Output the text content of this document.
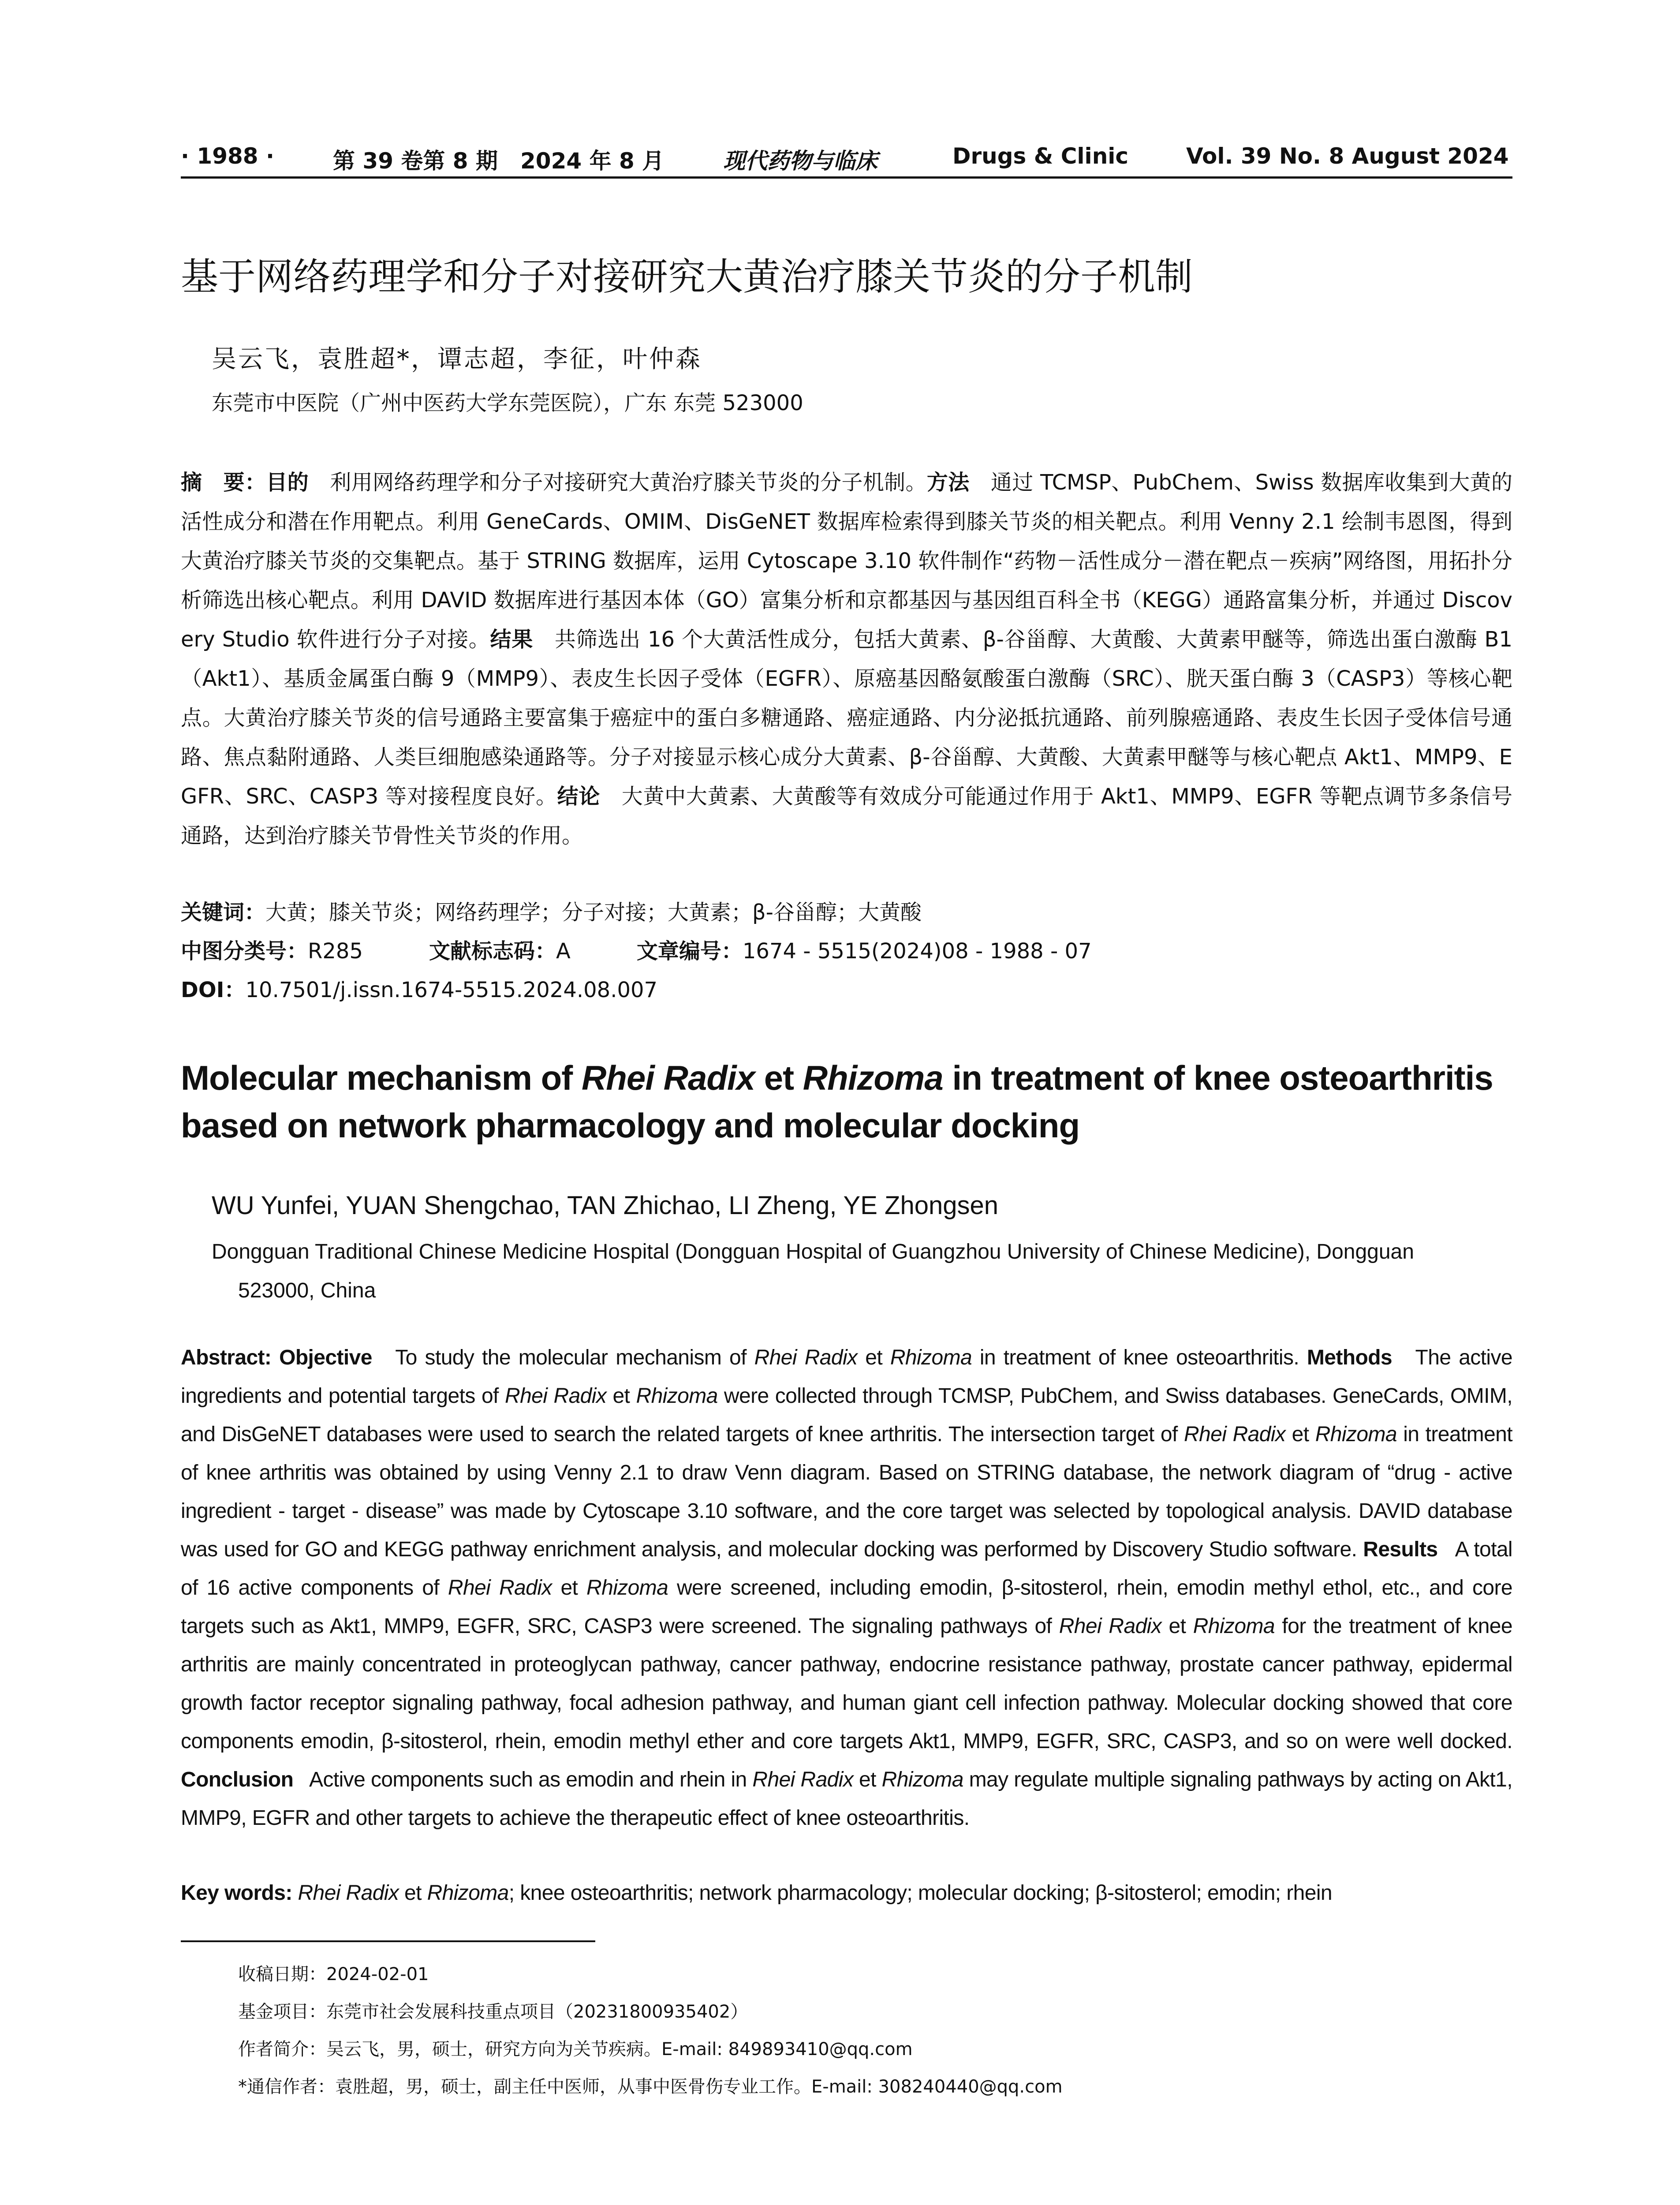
· 1988 ·	第 39 卷第 8 期 2024 年 8 月	现代药物与临床	Drugs & Clinic	Vol. 39 No. 8 August 2024
基于网络药理学和分子对接研究大黄治疗膝关节炎的分子机制
吴云飞，袁胜超*，谭志超，李征，叶仲森
东莞市中医院（广州中医药大学东莞医院），广东 东莞 523000
摘　要：目的　利用网络药理学和分子对接研究大黄治疗膝关节炎的分子机制。方法　通过 TCMSP、PubChem、Swiss 数据库收集到大黄的活性成分和潜在作用靶点。利用 GeneCards、OMIM、DisGeNET 数据库检索得到膝关节炎的相关靶点。利用 Venny 2.1 绘制韦恩图，得到大黄治疗膝关节炎的交集靶点。基于 STRING 数据库，运用 Cytoscape 3.10 软件制作“药物－活性成分－潜在靶点－疾病”网络图，用拓扑分析筛选出核心靶点。利用 DAVID 数据库进行基因本体（GO）富集分析和京都基因与基因组百科全书（KEGG）通路富集分析，并通过 Discovery Studio 软件进行分子对接。结果　共筛选出 16 个大黄活性成分，包括大黄素、β-谷甾醇、大黄酸、大黄素甲醚等，筛选出蛋白激酶 B1（Akt1）、基质金属蛋白酶 9（MMP9）、表皮生长因子受体（EGFR）、原癌基因酪氨酸蛋白激酶（SRC）、胱天蛋白酶 3（CASP3）等核心靶点。大黄治疗膝关节炎的信号通路主要富集于癌症中的蛋白多糖通路、癌症通路、内分泌抵抗通路、前列腺癌通路、表皮生长因子受体信号通路、焦点黏附通路、人类巨细胞感染通路等。分子对接显示核心成分大黄素、β-谷甾醇、大黄酸、大黄素甲醚等与核心靶点 Akt1、MMP9、EGFR、SRC、CASP3 等对接程度良好。结论　大黄中大黄素、大黄酸等有效成分可能通过作用于 Akt1、MMP9、EGFR 等靶点调节多条信号通路，达到治疗膝关节骨性关节炎的作用。
关键词：大黄；膝关节炎；网络药理学；分子对接；大黄素；β-谷甾醇；大黄酸
中图分类号：R285	文献标志码：A	文章编号：1674 - 5515(2024)08 - 1988 - 07
DOI：10.7501/j.issn.1674-5515.2024.08.007
Molecular mechanism of Rhei Radix et Rhizoma in treatment of knee osteoarthritis based on network pharmacology and molecular docking
WU Yunfei, YUAN Shengchao, TAN Zhichao, LI Zheng, YE Zhongsen
Dongguan Traditional Chinese Medicine Hospital (Dongguan Hospital of Guangzhou University of Chinese Medicine), Dongguan
523000, China
Abstract: Objective To study the molecular mechanism of Rhei Radix et Rhizoma in treatment of knee osteoarthritis. Methods The active ingredients and potential targets of Rhei Radix et Rhizoma were collected through TCMSP, PubChem, and Swiss databases. GeneCards, OMIM, and DisGeNET databases were used to search the related targets of knee arthritis. The intersection target of Rhei Radix et Rhizoma in treatment of knee arthritis was obtained by using Venny 2.1 to draw Venn diagram. Based on STRING database, the network diagram of “drug - active ingredient - target - disease” was made by Cytoscape 3.10 software, and the core target was selected by topological analysis. DAVID database was used for GO and KEGG pathway enrichment analysis, and molecular docking was performed by Discovery Studio software. Results A total of 16 active components of Rhei Radix et Rhizoma were screened, including emodin, β-sitosterol, rhein, emodin methyl ethol, etc., and core targets such as Akt1, MMP9, EGFR, SRC, CASP3 were screened. The signaling pathways of Rhei Radix et Rhizoma for the treatment of knee arthritis are mainly concentrated in proteoglycan pathway, cancer pathway, endocrine resistance pathway, prostate cancer pathway, epidermal growth factor receptor signaling pathway, focal adhesion pathway, and human giant cell infection pathway. Molecular docking showed that core components emodin, β-sitosterol, rhein, emodin methyl ether and core targets Akt1, MMP9, EGFR, SRC, CASP3, and so on were well docked. Conclusion Active components such as emodin and rhein in Rhei Radix et Rhizoma may regulate multiple signaling pathways by acting on Akt1, MMP9, EGFR and other targets to achieve the therapeutic effect of knee osteoarthritis.
Key words: Rhei Radix et Rhizoma; knee osteoarthritis; network pharmacology; molecular docking; β-sitosterol; emodin; rhein
收稿日期：2024-02-01
基金项目：东莞市社会发展科技重点项目（20231800935402）
作者简介：吴云飞，男，硕士，研究方向为关节疾病。E-mail: 849893410@qq.com
*通信作者：袁胜超，男，硕士，副主任中医师，从事中医骨伤专业工作。E-mail: 308240440@qq.com
